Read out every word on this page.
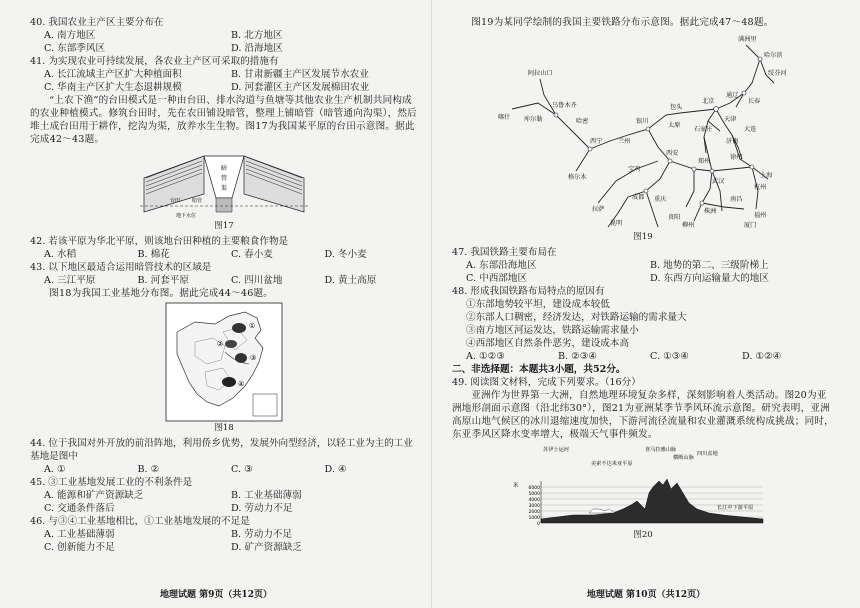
40. 我国农业主产区主要分布在

A. 南方地区	B. 北方地区
C. 东部季风区	D. 沿海地区

41. 为实现农业可持续发展，各农业主产区可采取的措施有

A. 长江流域主产区扩大种植面积	B. 甘肃新疆主产区发展节水农业
C. 华南主产区扩大生态退耕规模	D. 河套灌区主产区发展棉田农业

“上农下渔”的台田模式是一种由台田、排水沟道与鱼塘等其他农业生产机制共同构成的农业种植模式。修筑台田时，先在农田铺设暗管，整理上铺暗管（暗管通向沟渠），然后堆土成台田用于耕作，挖沟为渠，放养水生生物。图17为我国某平原的台田示意图。据此完成42～43题。

暗
管
渠
台田 暗管
地下水位
图17

42. 若该平原为华北平原，则该地台田种植的主要粮食作物是

A. 水稻	B. 棉花	C. 春小麦	D. 冬小麦

43. 以下地区最适合运用暗管技术的区域是

A. 三江平原	B. 河套平原	C. 四川盆地	D. 黄土高原

图18为我国工业基地分布图。据此完成44～46题。

①
②
③
④
图18

44. 位于我国对外开放的前沿阵地，利用侨乡优势，发展外向型经济，以轻工业为主的工业基地是图中

A. ①	B. ②	C. ③	D. ④

45. ③工业基地发展工业的不利条件是

A. 能源和矿产资源缺乏	B. 工业基础薄弱
C. 交通条件落后	D. 劳动力不足

46. 与③④工业基地相比，①工业基地发展的不足是

A. 工业基础薄弱	B. 劳动力不足
C. 创新能力不足	D. 矿产资源缺乏
地理试题 第9页（共12页）

图19为某同学绘制的我国主要铁路分布示意图。据此完成47～48题。

满洲里
哈尔滨
绥芬河
长春
通辽
北京
天津
大连
济南
石家庄
太原
包头
银川
兰州
西宁
西安
郑州
徐州
上海
杭州
南昌
武汉
株洲
福州
厦门
宝鸡
成都 重庆
贵阳
昆明	柳州
乌鲁木齐
阿拉山口
喀什 库尔勒	哈密
格尔木
拉萨
图19

47. 我国铁路主要布局在

A. 东部沿海地区	B. 地势的第二、三级阶梯上
C. 中西部地区	D. 东西方向运输量大的地区

48. 形成我国铁路布局特点的原因有

①东部地势较平坦，建设成本较低
②东部人口稠密，经济发达，对铁路运输的需求量大
③南方地区河运发达，铁路运输需求量小
④西部地区自然条件恶劣，建设成本高
A. ①②③	B. ②③④	C. ①③④	D. ①②④

二、非选择题：本题共3小题，共52分。

49. 阅读图文材料，完成下列要求。（16分）

亚洲作为世界第一大洲，自然地理环境复杂多样，深刻影响着人类活动。图20为亚洲地形剖面示意图（沿北纬30°），图21为亚洲某季节季风环流示意图。研究表明，亚洲高原山地气候区的冰川退缩速度加快，下游河流径流量和农业灌溉系统构成挑战；同时，东亚季风区降水变率增大，极端天气事件频发。

米 6000
5000
4000
3000
2000
1000
0
苏伊士运河
美索不达米亚平原
喜马拉雅山脉
横断山脉
四川盆地
长江中下游平原
图20
地理试题 第10页（共12页）
